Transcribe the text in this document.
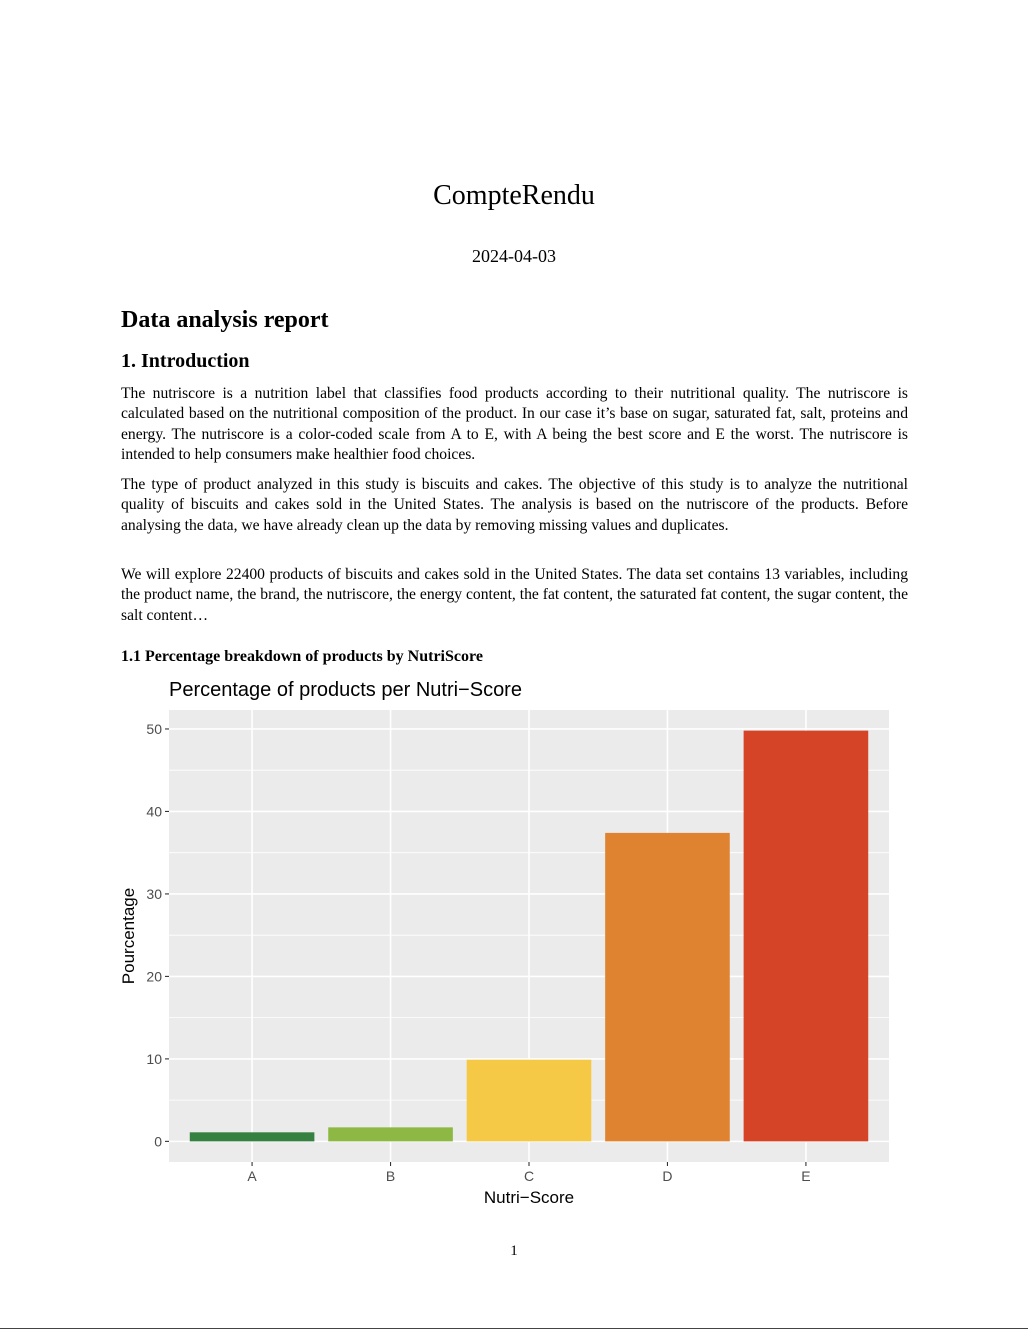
CompteRendu
2024-04-03
Data analysis report
1. Introduction
The nutriscore is a nutrition label that classifies food products according to their nutritional quality. The nutriscore is calculated based on the nutritional composition of the product. In our case it’s base on sugar, saturated fat, salt, proteins and energy. The nutriscore is a color-coded scale from A to E, with A being the best score and E the worst. The nutriscore is intended to help consumers make healthier food choices.
The type of product analyzed in this study is biscuits and cakes. The objective of this study is to analyze the nutritional quality of biscuits and cakes sold in the United States. The analysis is based on the nutriscore of the products. Before analysing the data, we have already clean up the data by removing missing values and duplicates.
We will explore 22400 products of biscuits and cakes sold in the United States. The data set contains 13 variables, including the product name, the brand, the nutriscore, the energy content, the fat content, the saturated fat content, the sugar content, the salt content…
1.1 Percentage breakdown of products by NutriScore
Percentage of products per Nutri−Score
0
10
20
30
40
50
A	B	C	D	E
Nutri−Score
Pourcentage
1
